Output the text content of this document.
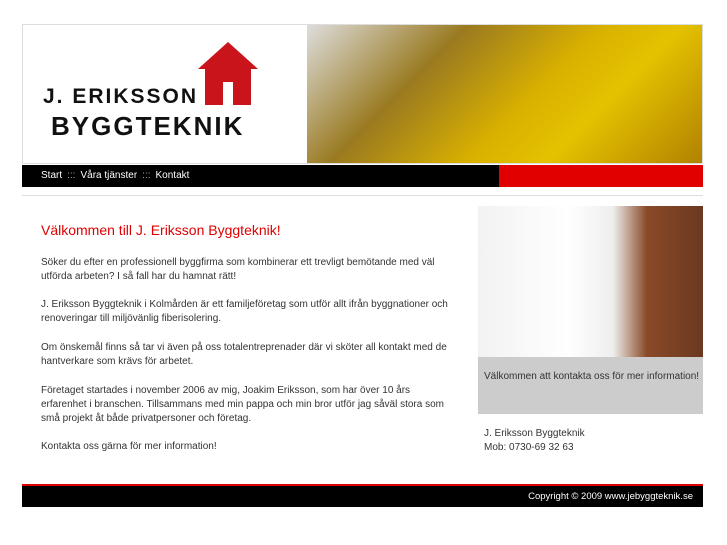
J. ERIKSSON
BYGGTEKNIK
Start ::: Våra tjänster ::: Kontakt
Välkommen till J. Eriksson Byggteknik!

Söker du efter en professionell byggfirma som kombinerar ett trevligt bemötande med väl utförda arbeten? I så fall har du hamnat rätt!

J. Eriksson Byggteknik i Kolmården är ett familjeföretag som utför allt ifrån byggnationer och renoveringar till miljövänlig fiberisolering.

Om önskemål finns så tar vi även på oss totalentreprenader där vi sköter all kontakt med de hantverkare som krävs för arbetet.

Företaget startades i november 2006 av mig, Joakim Eriksson, som har över 10 års erfarenhet i branschen. Tillsammans med min pappa och min bror utför jag såväl stora som små projekt åt både privatpersoner och företag.

Kontakta oss gärna för mer information!

Välkommen att kontakta oss för mer information!

J. Eriksson Byggteknik
Mob: 0730-69 32 63
Copyright © 2009 www.jebyggteknik.se
